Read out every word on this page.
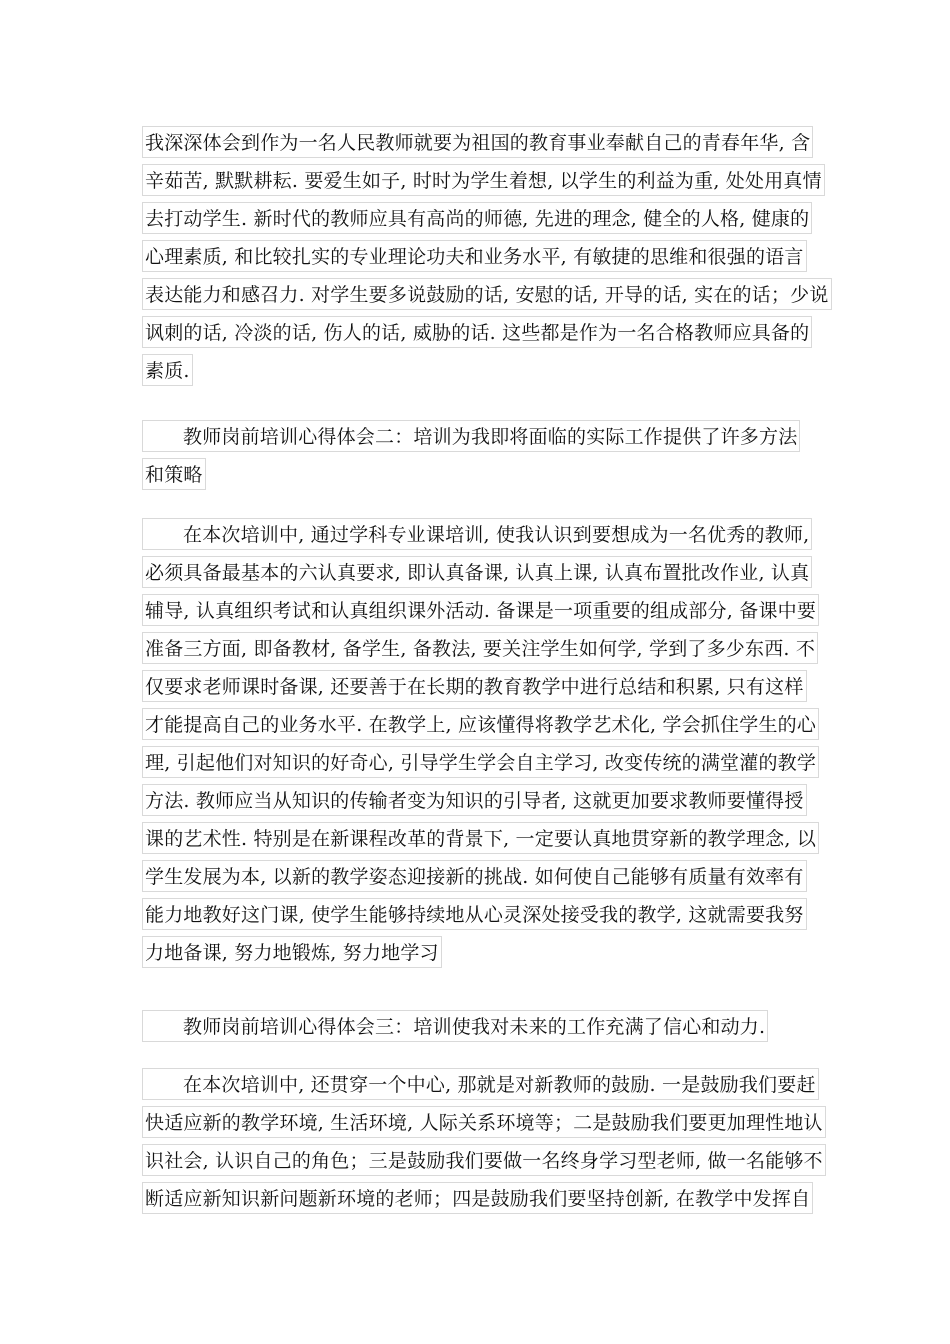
我深深体会到作为一名人民教师就要为祖国的教育事业奉献自己的青春年华, 含
辛茹苦, 默默耕耘. 要爱生如子, 时时为学生着想, 以学生的利益为重, 处处用真情
去打动学生. 新时代的教师应具有高尚的师德, 先进的理念, 健全的人格, 健康的
心理素质, 和比较扎实的专业理论功夫和业务水平, 有敏捷的思维和很强的语言
表达能力和感召力. 对学生要多说鼓励的话, 安慰的话, 开导的话, 实在的话；少说
讽刺的话, 冷淡的话, 伤人的话, 威胁的话. 这些都是作为一名合格教师应具备的
素质.
教师岗前培训心得体会二：培训为我即将面临的实际工作提供了许多方法
和策略
在本次培训中, 通过学科专业课培训, 使我认识到要想成为一名优秀的教师,
必须具备最基本的六认真要求, 即认真备课, 认真上课, 认真布置批改作业, 认真
辅导, 认真组织考试和认真组织课外活动. 备课是一项重要的组成部分, 备课中要
准备三方面, 即备教材, 备学生, 备教法, 要关注学生如何学, 学到了多少东西. 不
仅要求老师课时备课, 还要善于在长期的教育教学中进行总结和积累, 只有这样
才能提高自己的业务水平. 在教学上, 应该懂得将教学艺术化, 学会抓住学生的心
理, 引起他们对知识的好奇心, 引导学生学会自主学习, 改变传统的满堂灌的教学
方法. 教师应当从知识的传输者变为知识的引导者, 这就更加要求教师要懂得授
课的艺术性. 特别是在新课程改革的背景下, 一定要认真地贯穿新的教学理念, 以
学生发展为本, 以新的教学姿态迎接新的挑战. 如何使自己能够有质量有效率有
能力地教好这门课, 使学生能够持续地从心灵深处接受我的教学, 这就需要我努
力地备课, 努力地锻炼, 努力地学习
教师岗前培训心得体会三：培训使我对未来的工作充满了信心和动力.
在本次培训中, 还贯穿一个中心, 那就是对新教师的鼓励. 一是鼓励我们要赶
快适应新的教学环境, 生活环境, 人际关系环境等；二是鼓励我们要更加理性地认
识社会, 认识自己的角色；三是鼓励我们要做一名终身学习型老师, 做一名能够不
断适应新知识新问题新环境的老师；四是鼓励我们要坚持创新, 在教学中发挥自
